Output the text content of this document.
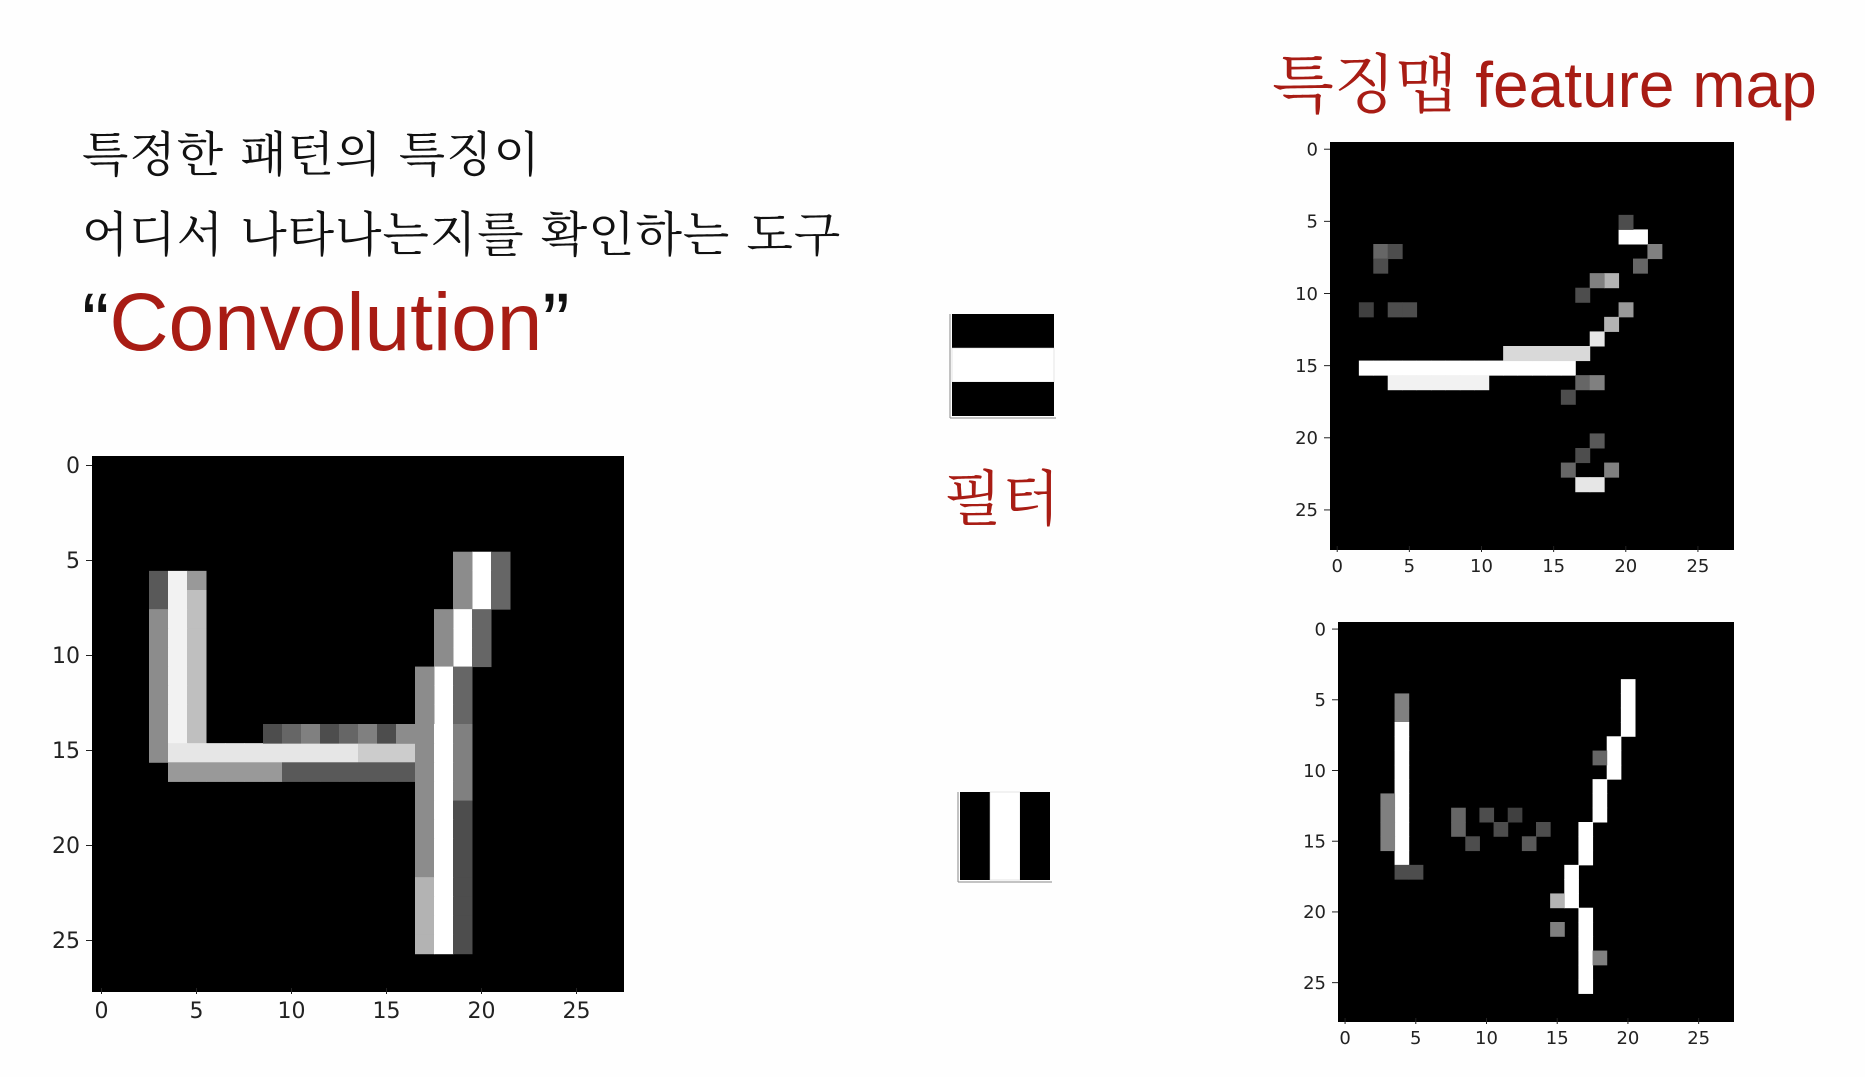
특정한 패턴의 특징이
어디서 나타나는지를 확인하는 도구
“Convolution”
특징맵 feature map
필터
0
5
10
15
20
25
0	5	10	15	20	25
0
5
10
15
20
25
0	5	10	15	20	25
0
5
10
15
20
25
0	5	10	15	20	25
